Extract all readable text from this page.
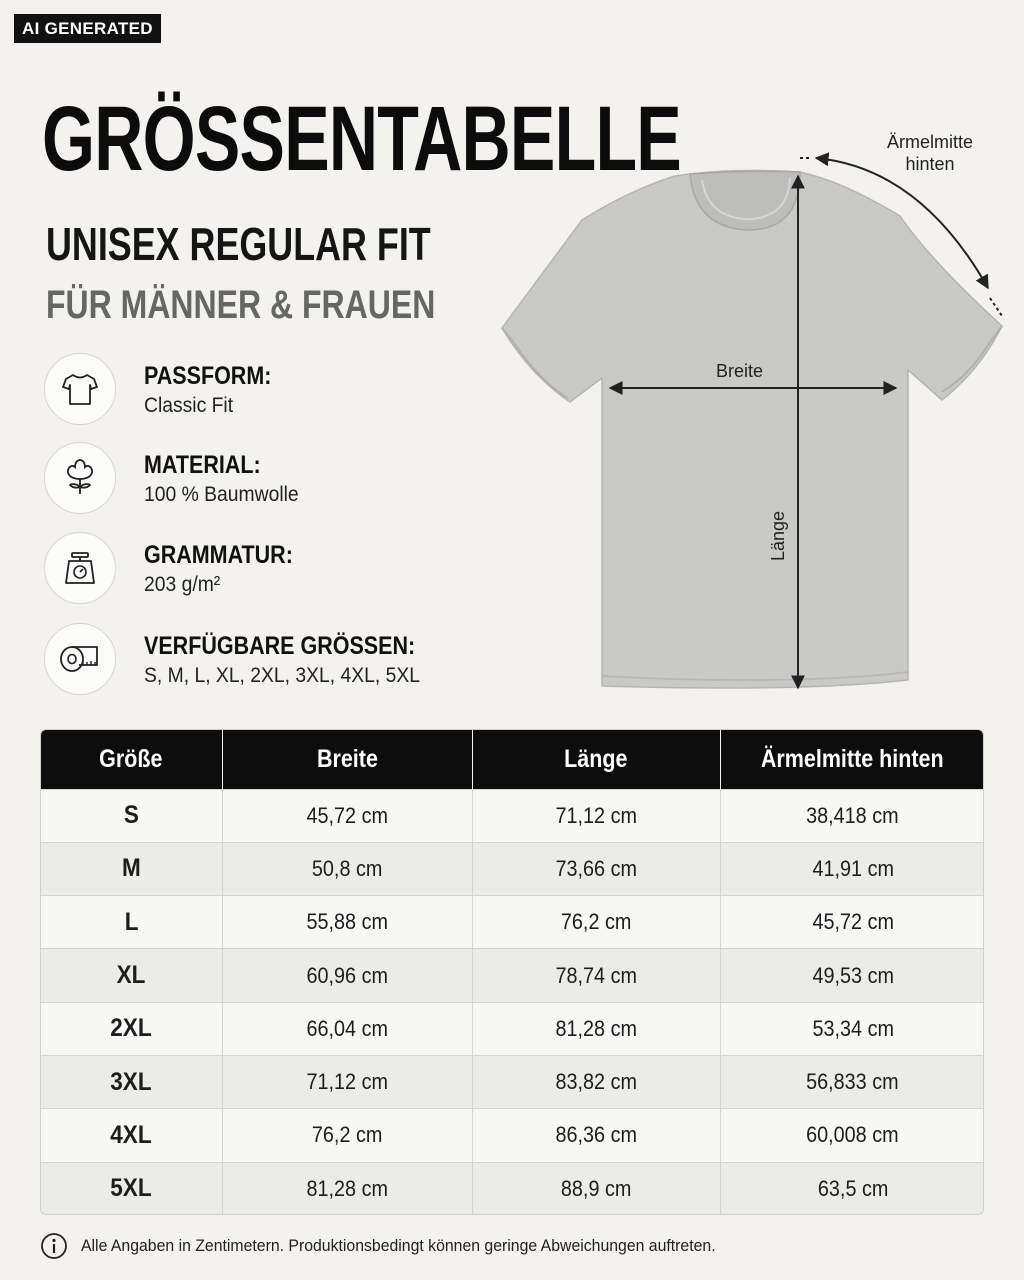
AI GENERATED
GRÖSSENTABELLE
UNISEX REGULAR FIT
FÜR MÄNNER & FRAUEN
PASSFORM:
Classic Fit
MATERIAL:
100 % Baumwolle
GRAMMATUR:
203 g/m²
VERFÜGBARE GRÖSSEN:
S, M, L, XL, 2XL, 3XL, 4XL, 5XL
Breite
Länge
Ärmelmitte
hinten
Größe	Breite	Länge	Ärmelmitte hinten
S	45,72 cm	71,12 cm	38,418 cm
M	50,8 cm	73,66 cm	41,91 cm
L	55,88 cm	76,2 cm	45,72 cm
XL	60,96 cm	78,74 cm	49,53 cm
2XL	66,04 cm	81,28 cm	53,34 cm
3XL	71,12 cm	83,82 cm	56,833 cm
4XL	76,2 cm	86,36 cm	60,008 cm
5XL	81,28 cm	88,9 cm	63,5 cm
Alle Angaben in Zentimetern. Produktionsbedingt können geringe Abweichungen auftreten.
